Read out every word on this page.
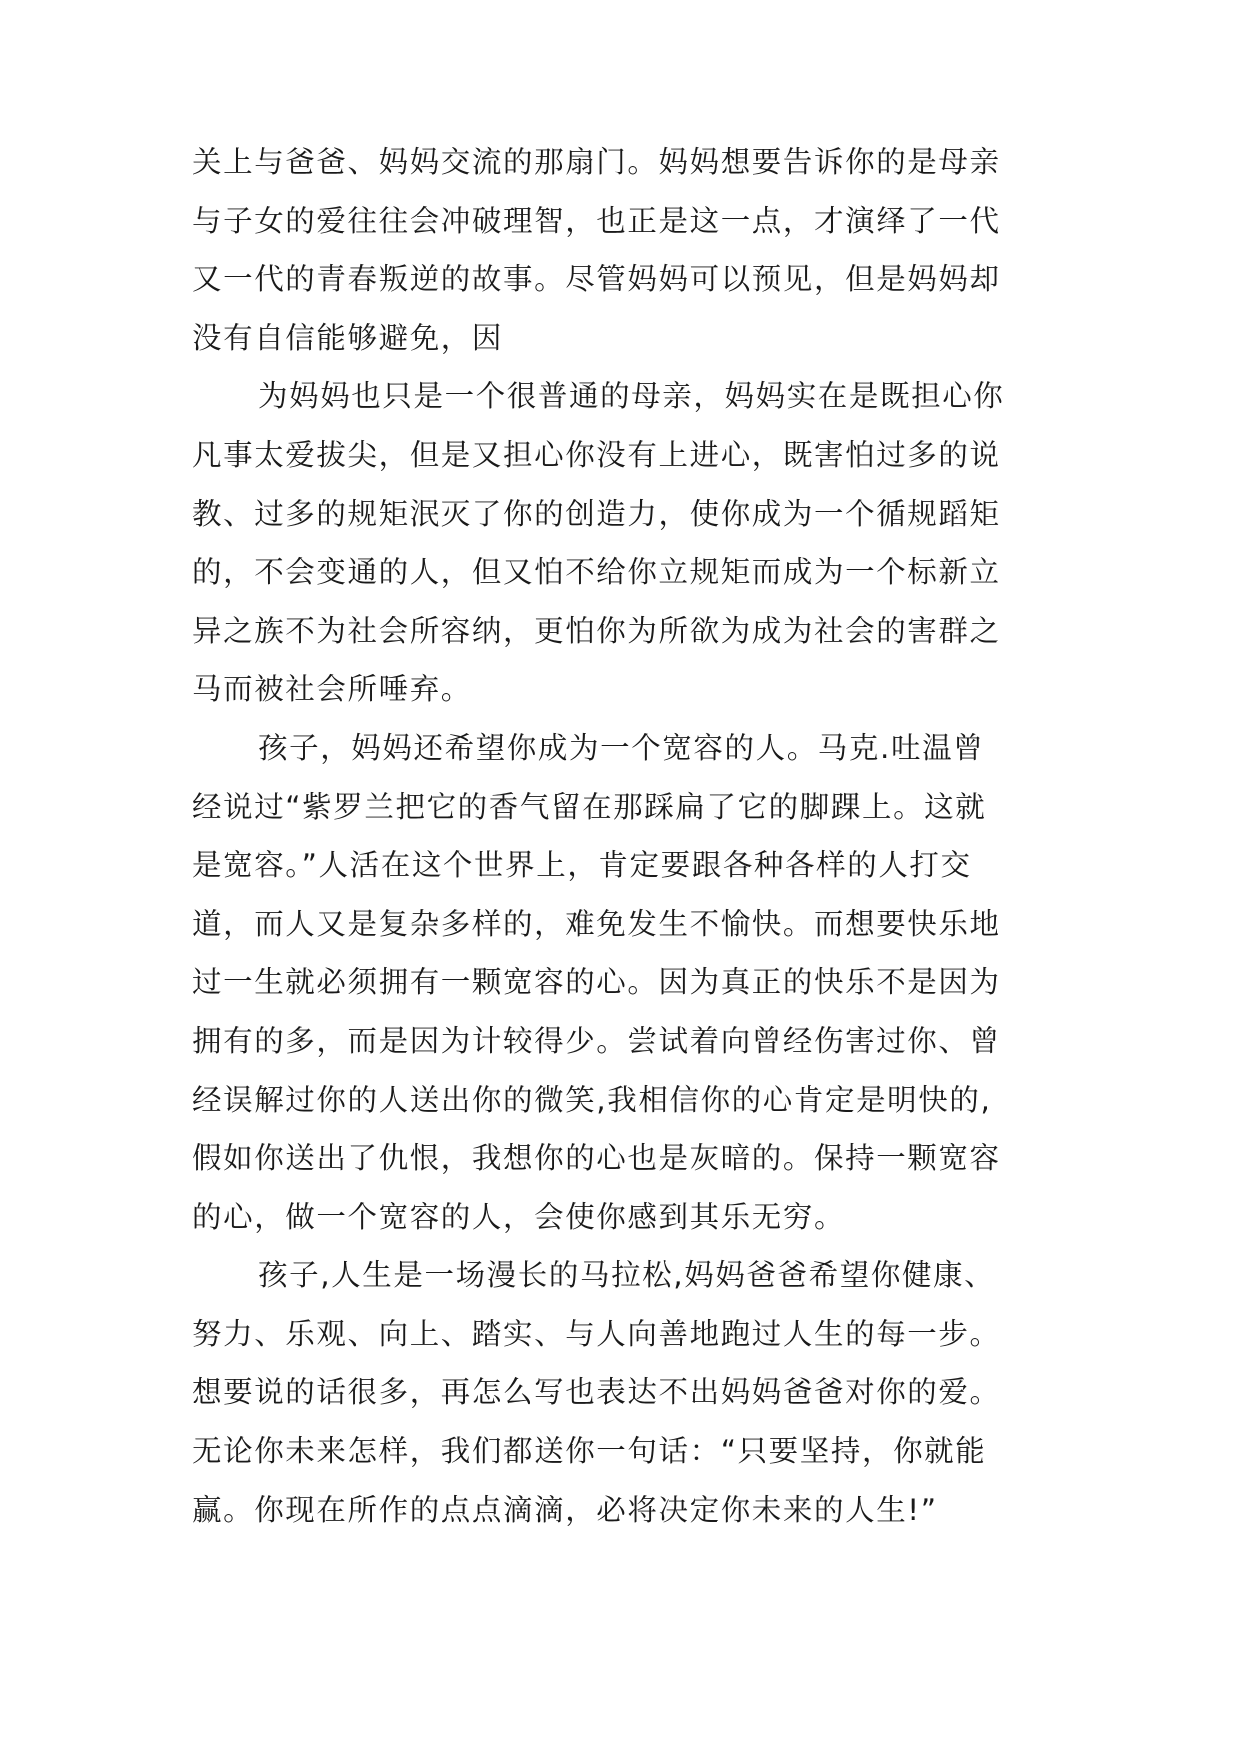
关上与爸爸、妈妈交流的那扇门。妈妈想要告诉你的是母亲
与子女的爱往往会冲破理智，也正是这一点，才演绎了一代
又一代的青春叛逆的故事。尽管妈妈可以预见，但是妈妈却
没有自信能够避免，因
为妈妈也只是一个很普通的母亲，妈妈实在是既担心你
凡事太爱拔尖，但是又担心你没有上进心，既害怕过多的说
教、过多的规矩泯灭了你的创造力，使你成为一个循规蹈矩
的，不会变通的人，但又怕不给你立规矩而成为一个标新立
异之族不为社会所容纳，更怕你为所欲为成为社会的害群之
马而被社会所唾弃。
孩子，妈妈还希望你成为一个宽容的人。马克.吐温曾
经说过“紫罗兰把它的香气留在那踩扁了它的脚踝上。这就
是宽容。”人活在这个世界上，肯定要跟各种各样的人打交
道，而人又是复杂多样的，难免发生不愉快。而想要快乐地
过一生就必须拥有一颗宽容的心。因为真正的快乐不是因为
拥有的多，而是因为计较得少。尝试着向曾经伤害过你、曾
经误解过你的人送出你的微笑,我相信你的心肯定是明快的,
假如你送出了仇恨，我想你的心也是灰暗的。保持一颗宽容
的心，做一个宽容的人，会使你感到其乐无穷。
孩子,人生是一场漫长的马拉松,妈妈爸爸希望你健康、
努力、乐观、向上、踏实、与人向善地跑过人生的每一步。
想要说的话很多，再怎么写也表达不出妈妈爸爸对你的爱。
无论你未来怎样，我们都送你一句话：“只要坚持，你就能
赢。你现在所作的点点滴滴，必将决定你未来的人生!”
